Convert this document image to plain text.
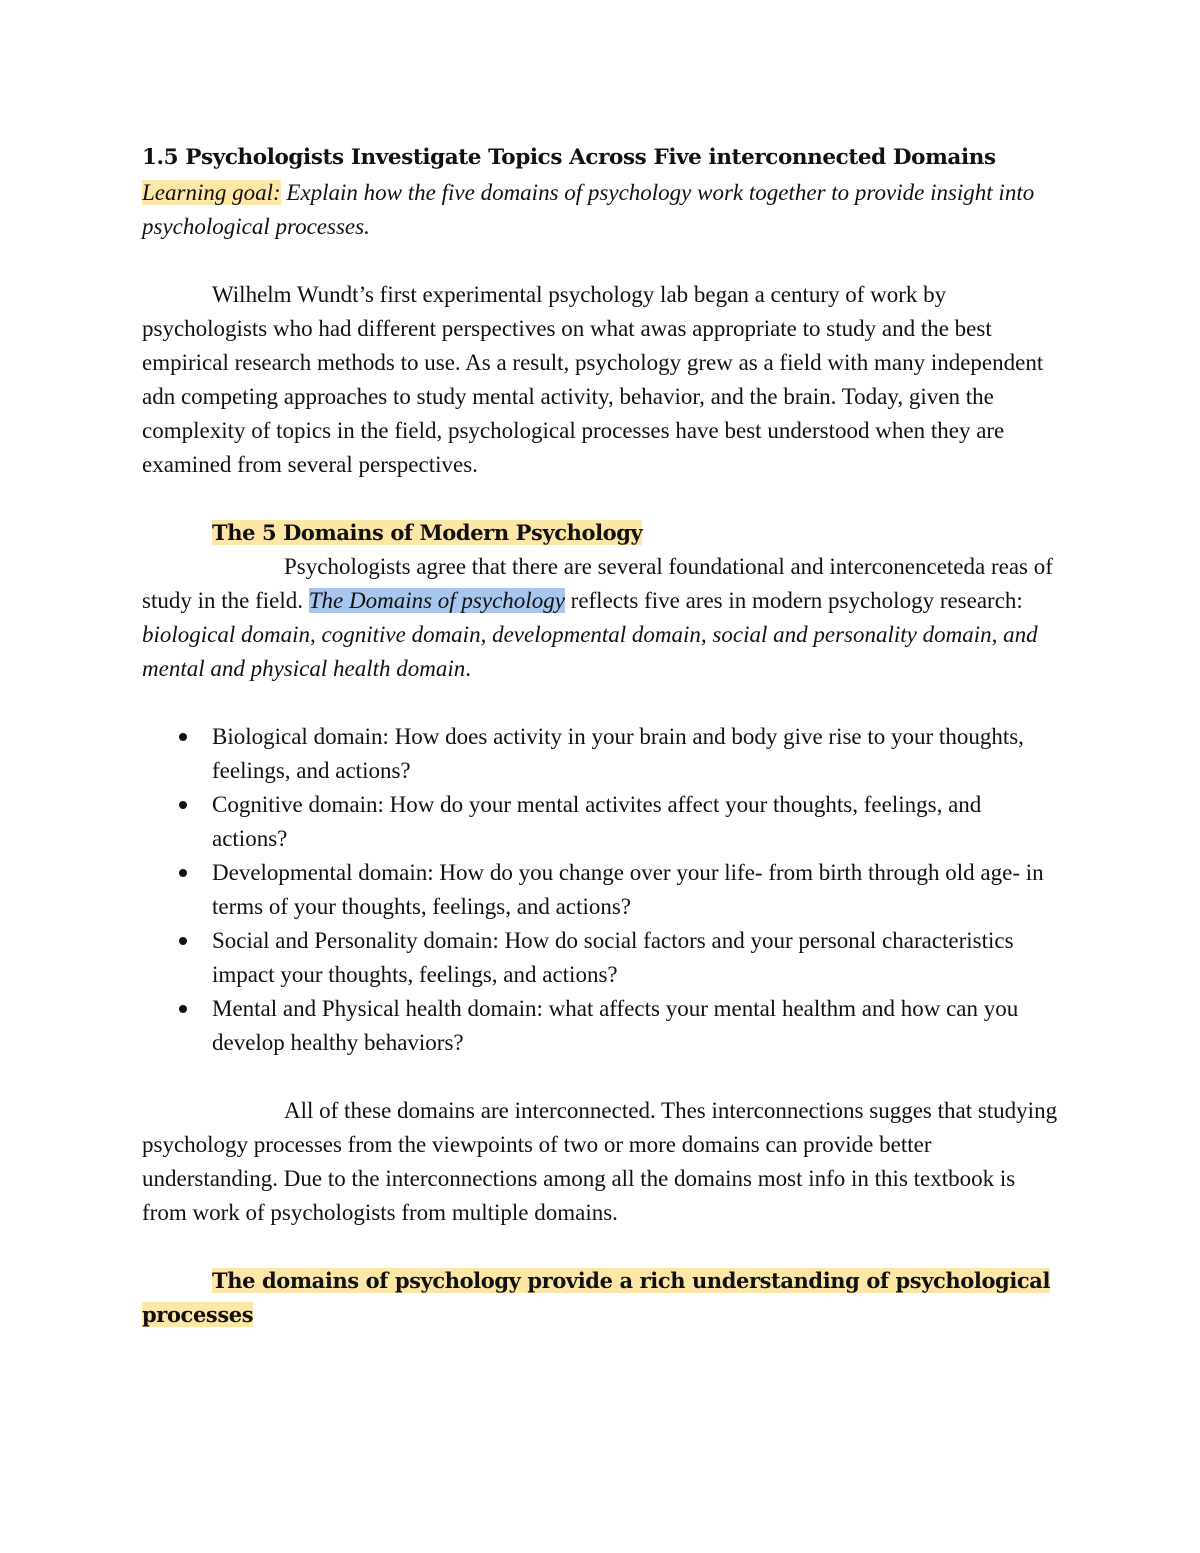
1.5 Psychologists Investigate Topics Across Five interconnected Domains

Learning goal: Explain how the five domains of psychology work together to provide insight into psychological processes.

Wilhelm Wundt’s first experimental psychology lab began a century of work by psychologists who had different perspectives on what awas appropriate to study and the best empirical research methods to use. As a result, psychology grew as a field with many independent adn competing approaches to study mental activity, behavior, and the brain. Today, given the complexity of topics in the field, psychological processes have best understood when they are examined from several perspectives.

The 5 Domains of Modern Psychology

Psychologists agree that there are several foundational and interconenceteda reas of study in the field. The Domains of psychology reflects five ares in modern psychology research: biological domain, cognitive domain, developmental domain, social and personality domain, and mental and physical health domain.

Biological domain: How does activity in your brain and body give rise to your thoughts, feelings, and actions?
Cognitive domain: How do your mental activites affect your thoughts, feelings, and actions?
Developmental domain: How do you change over your life- from birth through old age- in terms of your thoughts, feelings, and actions?
Social and Personality domain: How do social factors and your personal characteristics impact your thoughts, feelings, and actions?
Mental and Physical health domain: what affects your mental healthm and how can you develop healthy behaviors?

All of these domains are interconnected. Thes interconnections sugges that studying psychology processes from the viewpoints of two or more domains can provide better understanding. Due to the interconnections among all the domains most info in this textbook is from work of psychologists from multiple domains.

The domains of psychology provide a rich understanding of psychological processes
